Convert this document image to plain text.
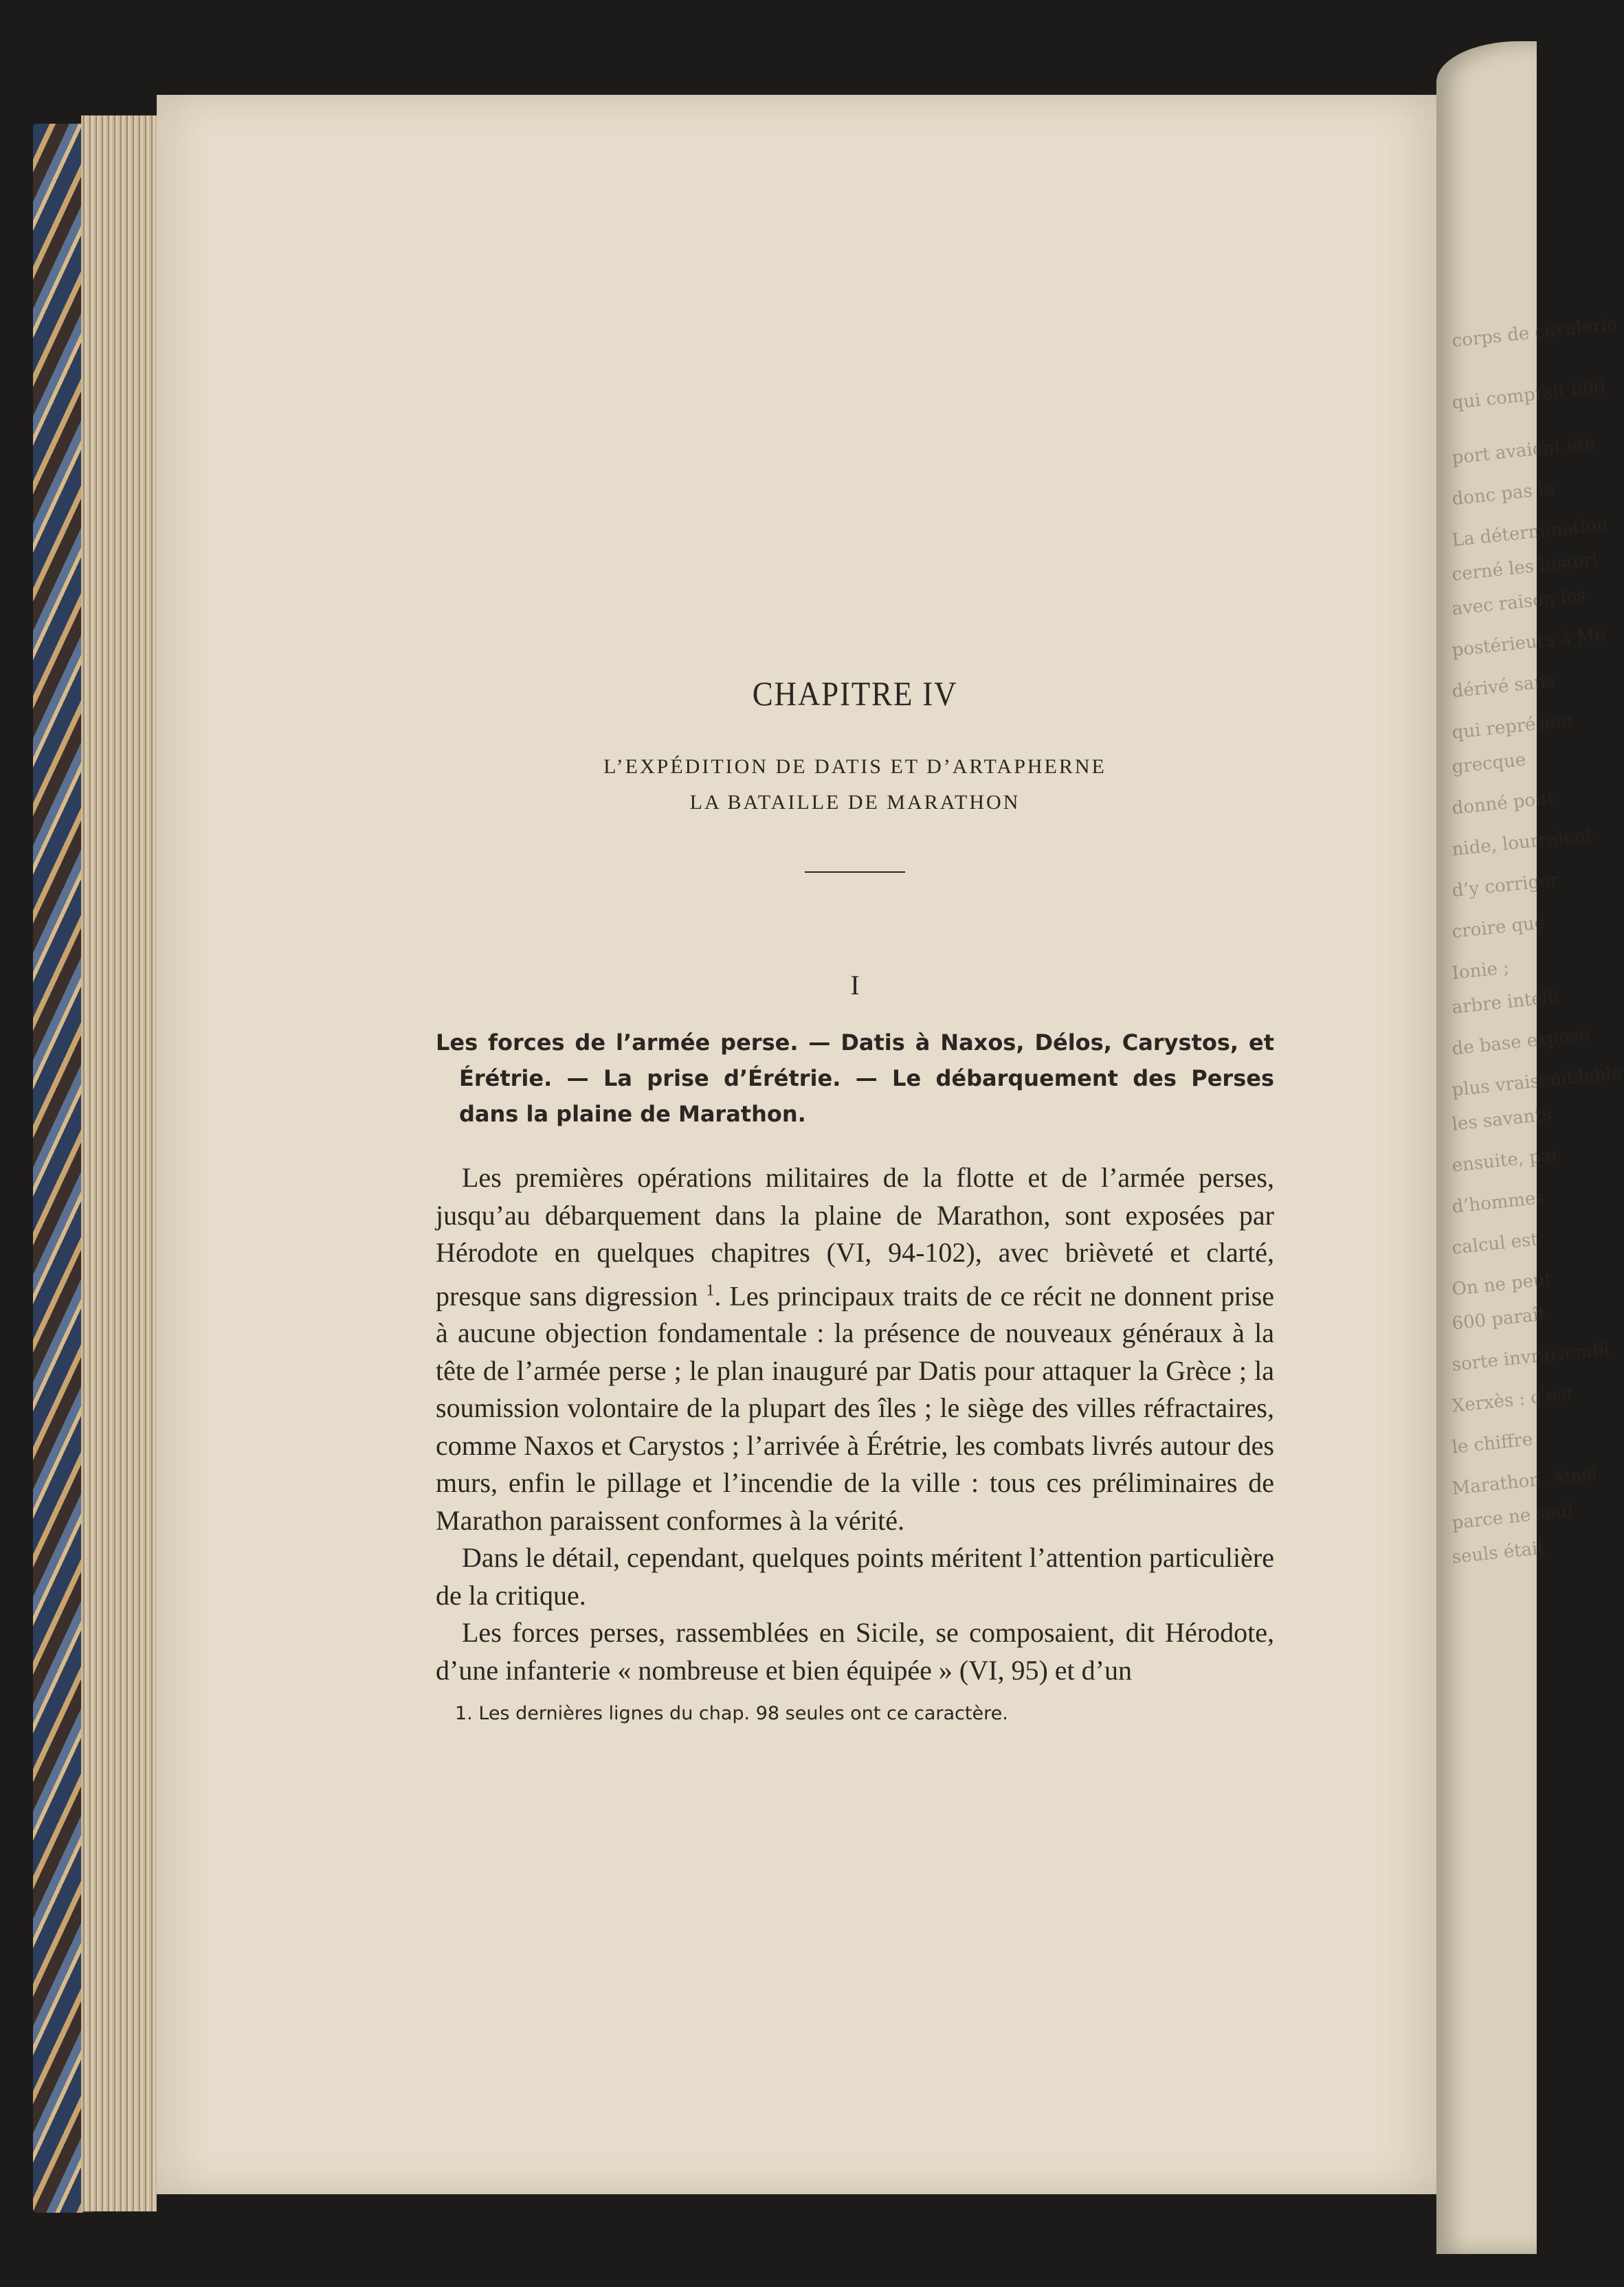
corps de cavalerie
qui comptait 600
port avaient été
donc pas le
La détermination
cerné les histori
avec raison les
postérieurs à Mé
dérivé sans
qui représent
grecque
donné pour
nide, lourraient
d’y corriger
croire que
Ionie ;
arbre intelli
de base exposé
plus vraisemblable
les savants
ensuite, par
d’hommes
calcul est
On ne peut
600 paraît
sorte invraisembl
Xerxès : c’est
le chiffre
Marathon. Ainsi
parce ne seul
seuls était
CHAPITRE IV
L’EXPÉDITION DE DATIS ET D’ARTAPHERNE
LA BATAILLE DE MARATHON
I
Les forces de l’armée perse. — Datis à Naxos, Délos, Carystos, et Érétrie. — La prise d’Érétrie. — Le débarquement des Perses dans la plaine de Marathon.

Les premières opérations militaires de la flotte et de l’armée perses, jusqu’au débarquement dans la plaine de Marathon, sont exposées par Hérodote en quelques chapitres (VI, 94-102), avec brièveté et clarté, presque sans digression $^1$. Les principaux traits de ce récit ne donnent prise à aucune objection fondamentale : la présence de nouveaux généraux à la tête de l’armée perse ; le plan inauguré par Datis pour attaquer la Grèce ; la soumission volontaire de la plupart des îles ; le siège des villes réfractaires, comme Naxos et Carystos ; l’arrivée à Érétrie, les combats livrés autour des murs, enfin le pillage et l’incendie de la ville : tous ces préliminaires de Marathon paraissent conformes à la vérité.

Dans le détail, cependant, quelques points méritent l’attention particulière de la critique.

Les forces perses, rassemblées en Sicile, se composaient, dit Hérodote, d’une infanterie « nombreuse et bien équipée » (VI, 95) et d’un

1. Les dernières lignes du chap. 98 seules ont ce caractère.
